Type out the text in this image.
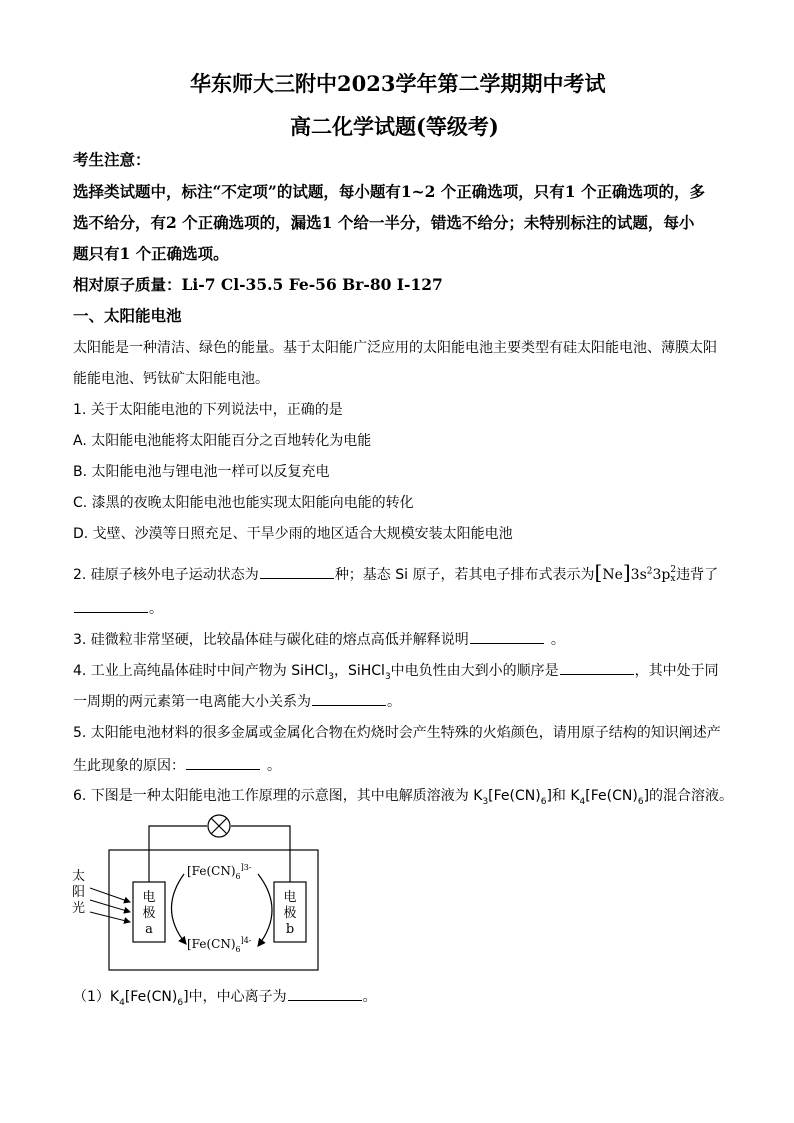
华东师大三附中2023学年第二学期期中考试
高二化学试题(等级考)
考生注意：
选择类试题中，标注“不定项”的试题，每小题有1~2 个正确选项，只有1 个正确选项的，多
选不给分，有2 个正确选项的，漏选1 个给一半分，错选不给分；未特别标注的试题，每小
题只有1 个正确选项。
相对原子质量：Li-7 Cl-35.5 Fe-56 Br-80 I-127
一、太阳能电池
太阳能是一种清洁、绿色的能量。基于太阳能广泛应用的太阳能电池主要类型有硅太阳能电池、薄膜太阳
能能电池、钙钛矿太阳能电池。
1. 关于太阳能电池的下列说法中，正确的是
A. 太阳能电池能将太阳能百分之百地转化为电能
B. 太阳能电池与锂电池一样可以反复充电
C. 漆黑的夜晚太阳能电池也能实现太阳能向电能的转化
D. 戈壁、沙漠等日照充足、干旱少雨的地区适合大规模安装太阳能电池
2. 硅原子核外电子运动状态为	种；基态 Si 原子，若其电子排布式表示为$[Ne]3s^23p$ 2
x 违背了
。
3. 硅微粒非常坚硬，比较晶体硅与碳化硅的熔点高低并解释说明	。
4. 工业上高纯晶体硅时中间产物为 SiHCl$_3$，SiHCl$_3$中电负性由大到小的顺序是	，其中处于同
一周期的两元素第一电离能大小关系为	。
5. 太阳能电池材料的很多金属或金属化合物在灼烧时会产生特殊的火焰颜色，请用原子结构的知识阐述产
生此现象的原因：	。
6. 下图是一种太阳能电池工作原理的示意图，其中电解质溶液为 $K_3[Fe(CN)_6]$和 $K_4[Fe(CN)_6]$的混合溶液。
电
极
a
电
极
b
太
阳
光
[$Fe(CN)_6^{]3-}$
[$Fe(CN)_6^{]4-}$
$(1)K_4[Fe(CN)_6]$中，中心离子为	。
